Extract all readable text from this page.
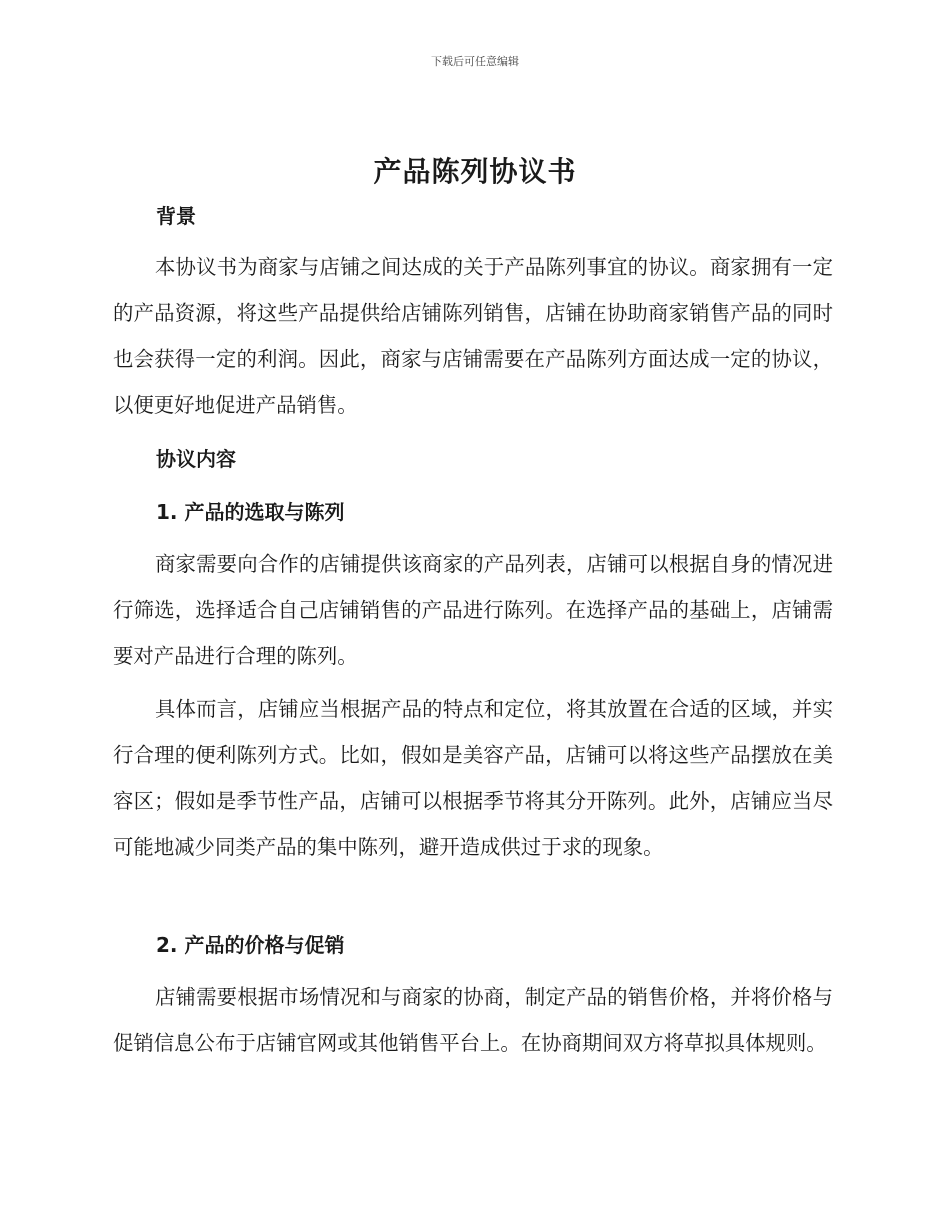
下载后可任意编辑
产品陈列协议书
背景

本协议书为商家与店铺之间达成的关于产品陈列事宜的协议。商家拥有一定的产品资源，将这些产品提供给店铺陈列销售，店铺在协助商家销售产品的同时也会获得一定的利润。因此，商家与店铺需要在产品陈列方面达成一定的协议，以便更好地促进产品销售。

协议内容
1. 产品的选取与陈列

商家需要向合作的店铺提供该商家的产品列表，店铺可以根据自身的情况进行筛选，选择适合自己店铺销售的产品进行陈列。在选择产品的基础上，店铺需要对产品进行合理的陈列。

具体而言，店铺应当根据产品的特点和定位，将其放置在合适的区域，并实行合理的便利陈列方式。比如，假如是美容产品，店铺可以将这些产品摆放在美容区；假如是季节性产品，店铺可以根据季节将其分开陈列。此外，店铺应当尽可能地减少同类产品的集中陈列，避开造成供过于求的现象。

2. 产品的价格与促销

店铺需要根据市场情况和与商家的协商，制定产品的销售价格，并将价格与促销信息公布于店铺官网或其他销售平台上。在协商期间双方将草拟具体规则。
